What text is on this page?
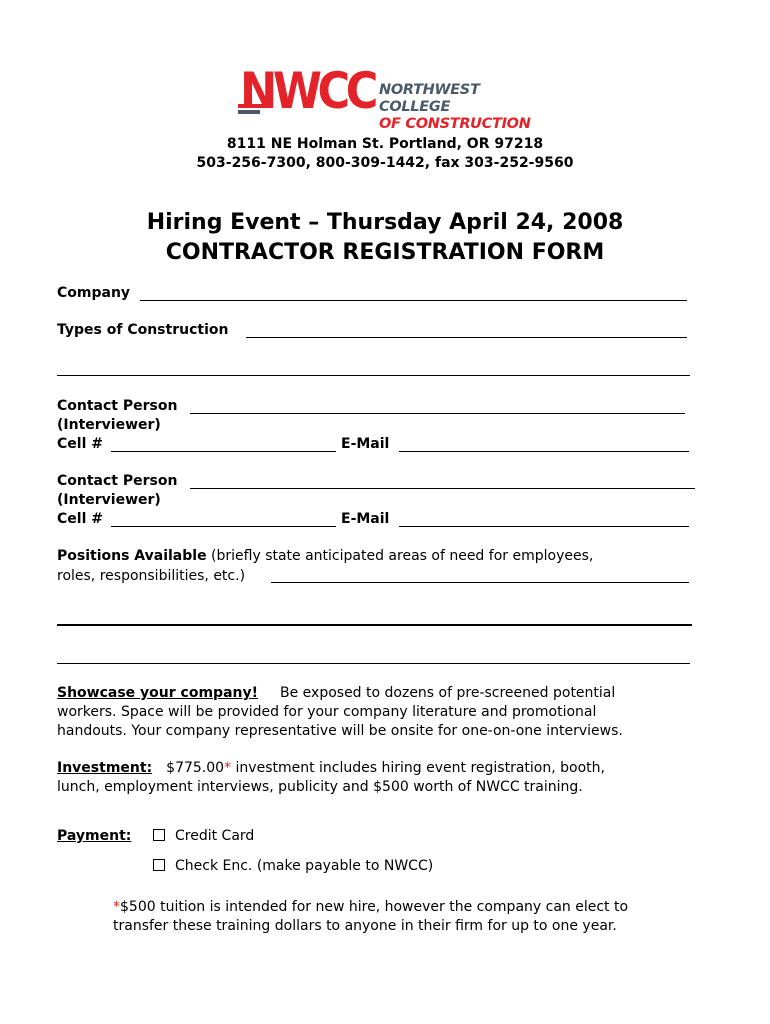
NWCC NORTHWEST COLLEGE
OF CONSTRUCTION
8111 NE Holman St. Portland, OR 97218
503-256-7300, 800-309-1442, fax 303-252-9560
Hiring Event – Thursday April 24, 2008
CONTRACTOR REGISTRATION FORM
Company
Types of Construction
Contact Person
(Interviewer)
Cell #	E-Mail
Contact Person
(Interviewer)
Cell #	E-Mail
Positions Available (briefly state anticipated areas of need for employees,
roles, responsibilities, etc.)
Showcase your company! Be exposed to dozens of pre-screened potential
workers. Space will be provided for your company literature and promotional
handouts. Your company representative will be onsite for one-on-one interviews.
Investment: $775.00* investment includes hiring event registration, booth,
lunch, employment interviews, publicity and $500 worth of NWCC training.
Payment:	Credit Card
Check Enc. (make payable to NWCC)
*$500 tuition is intended for new hire, however the company can elect to
transfer these training dollars to anyone in their firm for up to one year.
